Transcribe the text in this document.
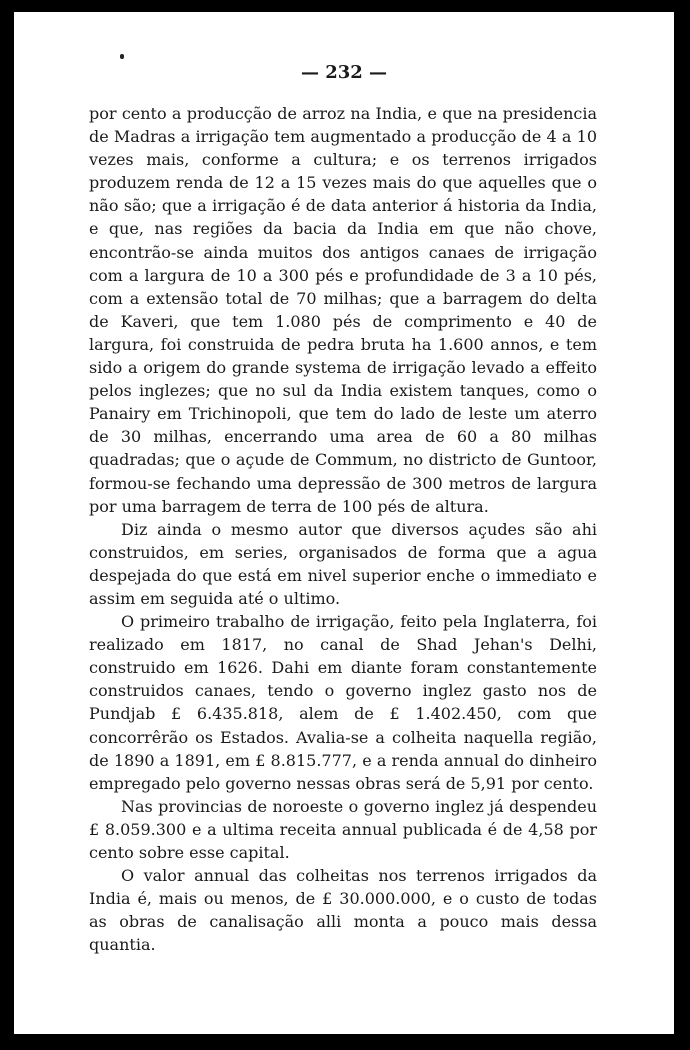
— 232 —

por cento a producção de arroz na India, e que na presidencia de Madras a irrigação tem augmentado a producção de 4 a 10 vezes mais, conforme a cultura; e os terrenos irrigados produzem renda de 12 a 15 vezes mais do que aquelles que o não são; que a irrigação é de data anterior á historia da India, e que, nas regiões da bacia da India em que não chove, encontrão-se ainda muitos dos antigos canaes de irrigação com a largura de 10 a 300 pés e profundidade de 3 a 10 pés, com a extensão total de 70 milhas; que a barragem do delta de Kaveri, que tem 1.080 pés de comprimento e 40 de largura, foi construida de pedra bruta ha 1.600 annos, e tem sido a origem do grande systema de irrigação levado a effeito pelos inglezes; que no sul da India existem tanques, como o Panairy em Trichinopoli, que tem do lado de leste um aterro de 30 milhas, encerrando uma area de 60 a 80 milhas quadradas; que o açude de Commum, no districto de Guntoor, formou-se fechando uma depressão de 300 metros de largura por uma barragem de terra de 100 pés de altura.

Diz ainda o mesmo autor que diversos açudes são ahi construidos, em series, organisados de forma que a agua despejada do que está em nivel superior enche o immediato e assim em seguida até o ultimo.

O primeiro trabalho de irrigação, feito pela Inglaterra, foi realizado em 1817, no canal de Shad Jehan's Delhi, construido em 1626. Dahi em diante foram constantemente construidos canaes, tendo o governo inglez gasto nos de Pundjab £ 6.435.818, alem de £ 1.402.450, com que concorrêrão os Estados. Avalia-se a colheita naquella região, de 1890 a 1891, em £ 8.815.777, e a renda annual do dinheiro empregado pelo governo nessas obras será de 5,91 por cento.

Nas provincias de noroeste o governo inglez já despendeu £ 8.059.300 e a ultima receita annual publicada é de 4,58 por cento sobre esse capital.

O valor annual das colheitas nos terrenos irrigados da India é, mais ou menos, de £ 30.000.000, e o custo de todas as obras de canalisação alli monta a pouco mais dessa quantia.
